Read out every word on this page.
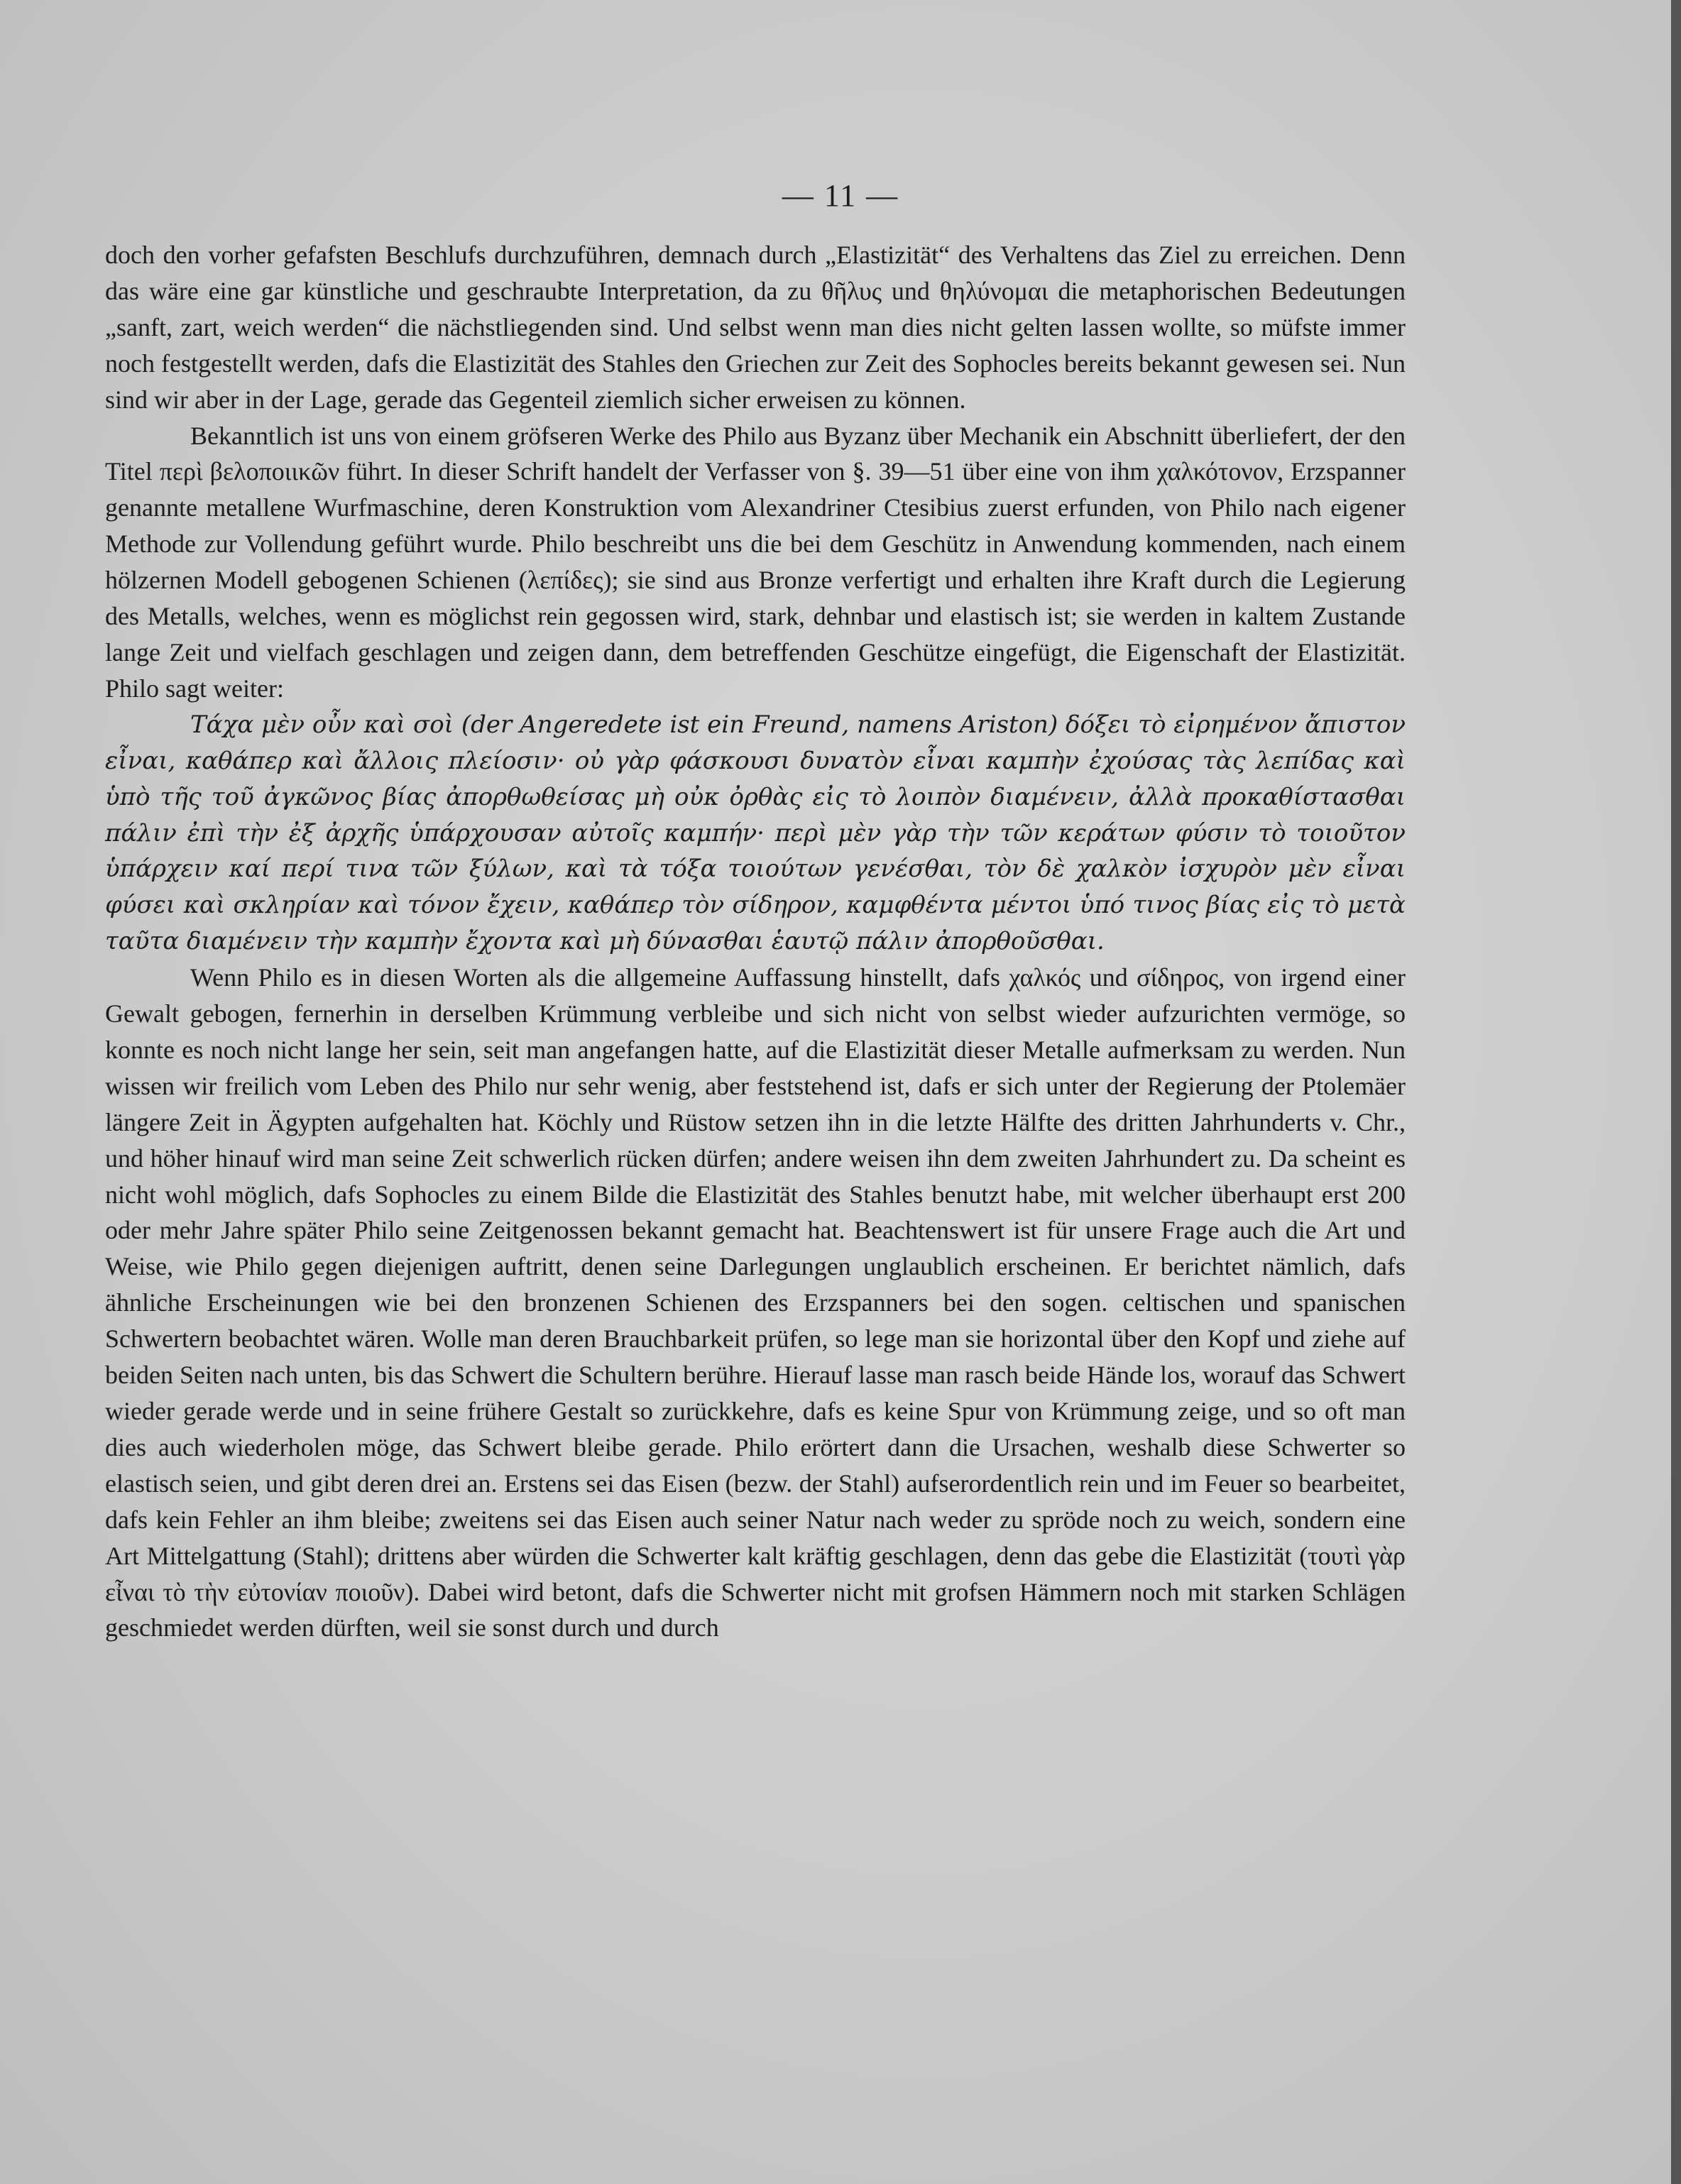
— 11 —

doch den vorher gefafsten Beschlufs durchzuführen, demnach durch „Elastizität“ des Verhaltens das Ziel zu erreichen. Denn das wäre eine gar künstliche und geschraubte Interpretation, da zu θῆλυς und θηλύνομαι die metaphorischen Bedeutungen „sanft, zart, weich werden“ die nächstliegenden sind. Und selbst wenn man dies nicht gelten lassen wollte, so müfste immer noch festgestellt werden, dafs die Elastizität des Stahles den Griechen zur Zeit des Sophocles bereits bekannt gewesen sei. Nun sind wir aber in der Lage, gerade das Gegenteil ziemlich sicher erweisen zu können.

Bekanntlich ist uns von einem gröfseren Werke des Philo aus Byzanz über Mechanik ein Abschnitt überliefert, der den Titel περὶ βελοποιικῶν führt. In dieser Schrift handelt der Verfasser von §. 39—51 über eine von ihm χαλκότονον, Erzspanner genannte metallene Wurfmaschine, deren Konstruktion vom Alexandriner Ctesibius zuerst erfunden, von Philo nach eigener Methode zur Vollendung geführt wurde. Philo beschreibt uns die bei dem Geschütz in Anwendung kommenden, nach einem hölzernen Modell gebogenen Schienen (λεπίδες); sie sind aus Bronze verfertigt und erhalten ihre Kraft durch die Legierung des Metalls, welches, wenn es möglichst rein gegossen wird, stark, dehnbar und elastisch ist; sie werden in kaltem Zustande lange Zeit und vielfach geschlagen und zeigen dann, dem betreffenden Geschütze eingefügt, die Eigenschaft der Elastizität. Philo sagt weiter:

Τάχα μὲν οὖν καὶ σοὶ (der Angeredete ist ein Freund, namens Ariston) δόξει τὸ εἰρημένον ἄπιστον εἶναι, καθάπερ καὶ ἄλλοις πλείοσιν· οὐ γὰρ φάσκουσι δυνατὸν εἶναι καμπὴν ἐχούσας τὰς λεπίδας καὶ ὑπὸ τῆς τοῦ ἀγκῶνος βίας ἀπορθωθείσας μὴ οὐκ ὀρθὰς εἰς τὸ λοιπὸν διαμένειν, ἀλλὰ προκαθίστασθαι πάλιν ἐπὶ τὴν ἐξ ἀρχῆς ὑπάρχουσαν αὐτοῖς καμπήν· περὶ μὲν γὰρ τὴν τῶν κεράτων φύσιν τὸ τοιοῦτον ὑπάρχειν καί περί τινα τῶν ξύλων, καὶ τὰ τόξα τοιούτων γενέσθαι, τὸν δὲ χαλκὸν ἰσχυρὸν μὲν εἶναι φύσει καὶ σκληρίαν καὶ τόνον ἔχειν, καθάπερ τὸν σίδηρον, καμφθέντα μέντοι ὑπό τινος βίας εἰς τὸ μετὰ ταῦτα διαμένειν τὴν καμπὴν ἔχοντα καὶ μὴ δύνασθαι ἑαυτῷ πάλιν ἀπορθοῦσθαι.

Wenn Philo es in diesen Worten als die allgemeine Auffassung hinstellt, dafs χαλκός und σίδηρος, von irgend einer Gewalt gebogen, fernerhin in derselben Krümmung verbleibe und sich nicht von selbst wieder aufzurichten vermöge, so konnte es noch nicht lange her sein, seit man angefangen hatte, auf die Elastizität dieser Metalle aufmerksam zu werden. Nun wissen wir freilich vom Leben des Philo nur sehr wenig, aber feststehend ist, dafs er sich unter der Regierung der Ptolemäer längere Zeit in Ägypten aufgehalten hat. Köchly und Rüstow setzen ihn in die letzte Hälfte des dritten Jahrhunderts v. Chr., und höher hinauf wird man seine Zeit schwerlich rücken dürfen; andere weisen ihn dem zweiten Jahrhundert zu. Da scheint es nicht wohl möglich, dafs Sophocles zu einem Bilde die Elastizität des Stahles benutzt habe, mit welcher überhaupt erst 200 oder mehr Jahre später Philo seine Zeitgenossen bekannt gemacht hat. Beachtenswert ist für unsere Frage auch die Art und Weise, wie Philo gegen diejenigen auftritt, denen seine Darlegungen unglaublich erscheinen. Er berichtet nämlich, dafs ähnliche Erscheinungen wie bei den bronzenen Schienen des Erzspanners bei den sogen. celtischen und spanischen Schwertern beobachtet wären. Wolle man deren Brauchbarkeit prüfen, so lege man sie horizontal über den Kopf und ziehe auf beiden Seiten nach unten, bis das Schwert die Schultern berühre. Hierauf lasse man rasch beide Hände los, worauf das Schwert wieder gerade werde und in seine frühere Gestalt so zurückkehre, dafs es keine Spur von Krümmung zeige, und so oft man dies auch wiederholen möge, das Schwert bleibe gerade. Philo erörtert dann die Ursachen, weshalb diese Schwerter so elastisch seien, und gibt deren drei an. Erstens sei das Eisen (bezw. der Stahl) aufserordentlich rein und im Feuer so bearbeitet, dafs kein Fehler an ihm bleibe; zweitens sei das Eisen auch seiner Natur nach weder zu spröde noch zu weich, sondern eine Art Mittelgattung (Stahl); drittens aber würden die Schwerter kalt kräftig geschlagen, denn das gebe die Elastizität (τουτὶ γὰρ εἶναι τὸ τὴν εὐτονίαν ποιοῦν). Dabei wird betont, dafs die Schwerter nicht mit grofsen Hämmern noch mit starken Schlägen geschmiedet werden dürften, weil sie sonst durch und durch
